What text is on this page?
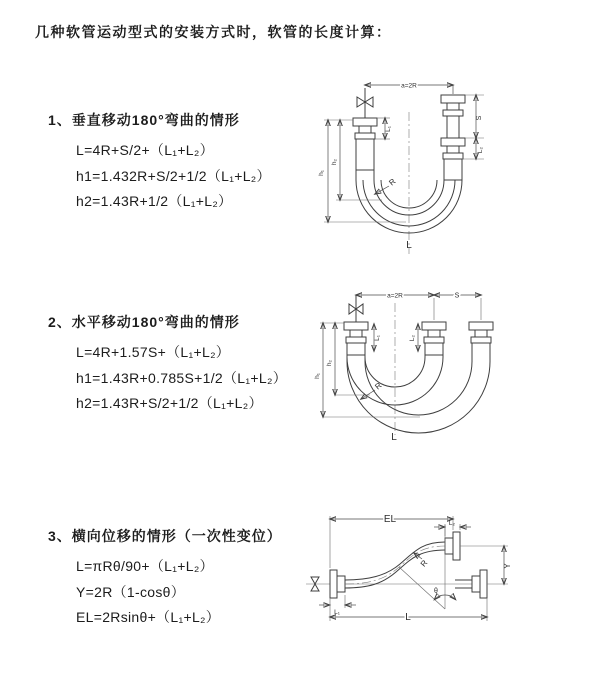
几种软管运动型式的安装方式时，软管的长度计算：
1、垂直移动180°弯曲的情形
L=4R+S/2+（L₁+L₂）
h1=1.432R+S/2+1/2（L₁+L₂）
h2=1.43R+1/2（L₁+L₂）
2、水平移动180°弯曲的情形
L=4R+1.57S+（L₁+L₂）
h1=1.43R+0.785S+1/2（L₁+L₂）
h2=1.43R+S/2+1/2（L₁+L₂）
3、横向位移的情形（一次性变位）
L=πRθ/90+（L₁+L₂）
Y=2R（1-cosθ）
EL=2Rsinθ+（L₁+L₂）
a=2R
S
L₂
L₁
h₁
h₂
R
L
a=2R	S
h₁
h₂
L₁	L₂
R
L
EL	L₂
Y
θ
R
L₁	L
